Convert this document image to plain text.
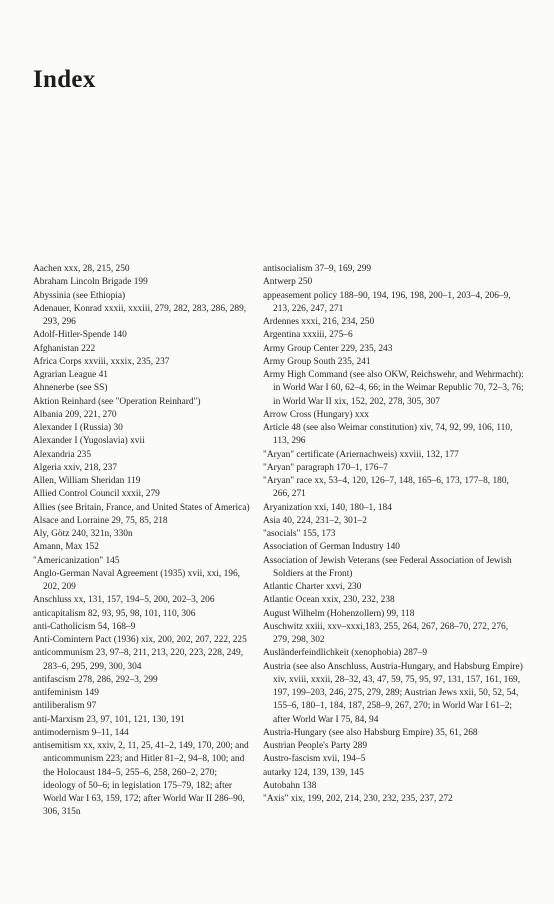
Index
Aachen xxx, 28, 215, 250
Abraham Lincoln Brigade 199
Abyssinia (see Ethiopia)
Adenauer, Konrad xxxii, xxxiii, 279, 282, 283, 286, 289, 293, 296
Adolf-Hitler-Spende 140
Afghanistan 222
Africa Corps xxviii, xxxix, 235, 237
Agrarian League 41
Ahnenerbe (see SS)
Aktion Reinhard (see "Operation Reinhard")
Albania 209, 221, 270
Alexander I (Russia) 30
Alexander I (Yugoslavia) xvii
Alexandria 235
Algeria xxiv, 218, 237
Allen, William Sheridan 119
Allied Control Council xxxii, 279
Allies (see Britain, France, and United States of America)
Alsace and Lorraine 29, 75, 85, 218
Aly, Götz 240, 321n, 330n
Amann, Max 152
"Americanization" 145
Anglo-German Naval Agreement (1935) xvii, xxi, 196, 202, 209
Anschluss xx, 131, 157, 194–5, 200, 202–3, 206
anticapitalism 82, 93, 95, 98, 101, 110, 306
anti-Catholicism 54, 168–9
Anti-Comintern Pact (1936) xix, 200, 202, 207, 222, 225
anticommunism 23, 97–8, 211, 213, 220, 223, 228, 249, 283–6, 295, 299, 300, 304
antifascism 278, 286, 292–3, 299
antifeminism 149
antiliberalism 97
anti-Marxism 23, 97, 101, 121, 130, 191
antimodernism 9–11, 144
antisemitism xx, xxiv, 2, 11, 25, 41–2, 149, 170, 200; and anticommunism 223; and Hitler 81–2, 94–8, 100; and the Holocaust 184–5, 255–6, 258, 260–2, 270; ideology of 50–6; in legislation 175–79, 182; after World War I 63, 159, 172; after World War II 286–90, 306, 315n
antisocialism 37–9, 169, 299
Antwerp 250
appeasement policy 188–90, 194, 196, 198, 200–1, 203–4, 206–9, 213, 226, 247, 271
Ardennes xxxi, 216, 234, 250
Argentina xxxiii, 275–6
Army Group Center 229, 235, 243
Army Group South 235, 241
Army High Command (see also OKW, Reichswehr, and Wehrmacht): in World War I 60, 62–4, 66; in the Weimar Republic 70, 72–3, 76; in World War II xix, 152, 202, 278, 305, 307
Arrow Cross (Hungary) xxx
Article 48 (see also Weimar constitution) xiv, 74, 92, 99, 106, 110, 113, 296
"Aryan" certificate (Ariernachweis) xxviii, 132, 177
"Aryan" paragraph 170–1, 176–7
"Aryan" race xx, 53–4, 120, 126–7, 148, 165–6, 173, 177–8, 180, 266, 271
Aryanization xxi, 140, 180–1, 184
Asia 40, 224, 231–2, 301–2
"asocials" 155, 173
Association of German Industry 140
Association of Jewish Veterans (see Federal Association of Jewish Soldiers at the Front)
Atlantic Charter xxvi, 230
Atlantic Ocean xxix, 230, 232, 238
August Wilhelm (Hohenzollern) 99, 118
Auschwitz xxiii, xxv–xxxi,183, 255, 264, 267, 268–70, 272, 276, 279, 298, 302
Ausländerfeindlichkeit (xenophobia) 287–9
Austria (see also Anschluss, Austria-Hungary, and Habsburg Empire) xiv, xviii, xxxii, 28–32, 43, 47, 59, 75, 95, 97, 131, 157, 161, 169, 197, 199–203, 246, 275, 279, 289; Austrian Jews xxii, 50, 52, 54, 155–6, 180–1, 184, 187, 258–9, 267, 270; in World War I 61–2; after World War I 75, 84, 94
Austria-Hungary (see also Habsburg Empire) 35, 61, 268
Austrian People's Party 289
Austro-fascism xvii, 194–5
autarky 124, 139, 139, 145
Autobahn 138
"Axis" xix, 199, 202, 214, 230, 232, 235, 237, 272
